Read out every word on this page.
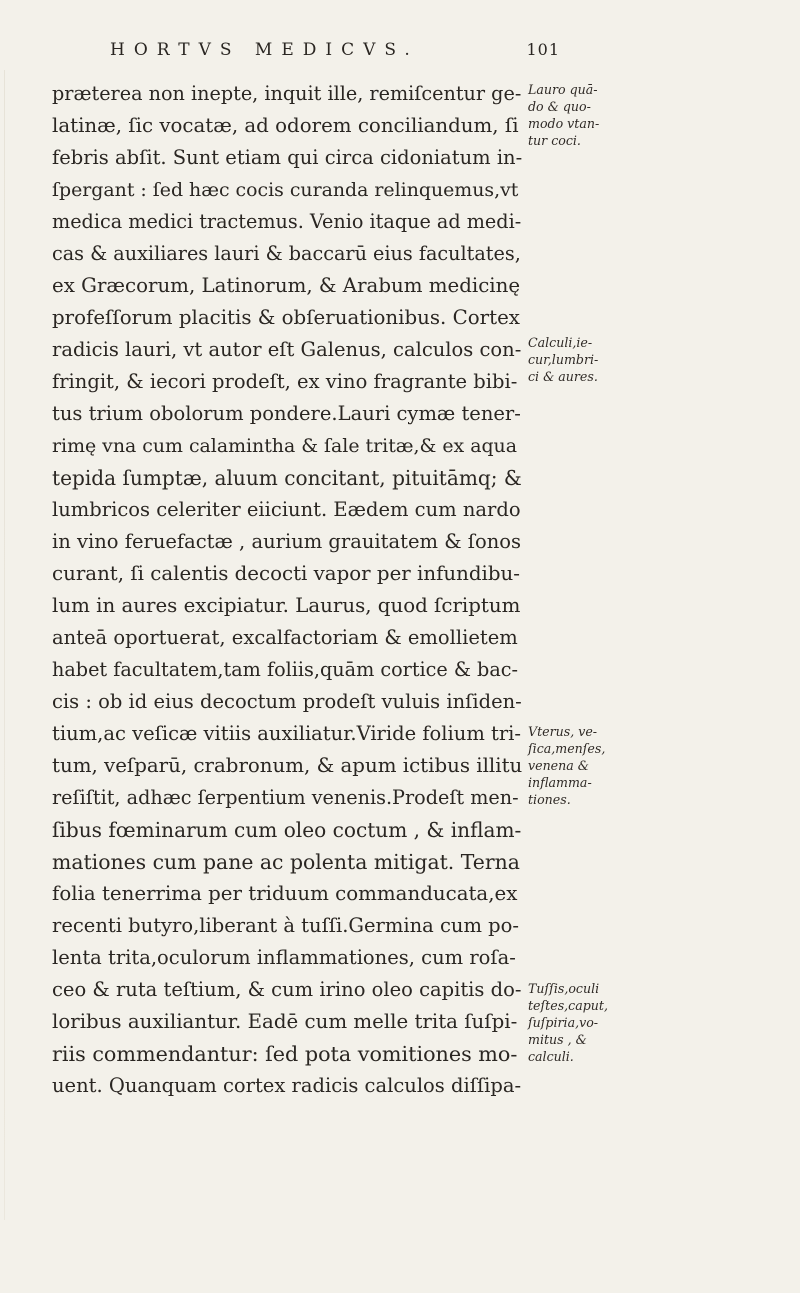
HORTVS MEDICVS.	101
prӕterea non inepte, inquit ille, remiſcentur ge-
latinӕ, ſic vocatӕ, ad odorem conciliandum, ſi
febris abſit. Sunt etiam qui circa cidoniatum in-
ſpergant : ſed hӕc cocis curanda relinquemus,vt
medica medici tractemus. Venio itaque ad medi-
cas & auxiliares lauri & baccarū eius facultates,
ex Grӕcorum, Latinorum, & Arabum medicinę
profeſſorum placitis & obſeruationibus. Cortex
radicis lauri, vt autor eſt Galenus, calculos con-
fringit, & iecori prodeſt, ex vino fragrante bibi-
tus trium obolorum pondere.Lauri cymӕ tener-
rimę vna cum calamintha & ſale tritӕ,& ex aqua
tepida ſumptӕ, aluum concitant, pituitāmq; &
lumbricos celeriter eiiciunt. Eӕdem cum nardo
in vino feruefactӕ , aurium grauitatem & ſonos
curant, ſi calentis decocti vapor per infundibu-
lum in aures excipiatur. Laurus, quod ſcriptum
anteā oportuerat, excalfactoriam & emollietem
habet facultatem,tam foliis,quām cortice & bac-
cis : ob id eius decoctum prodeſt vuluis inſiden-
tium,ac veſicӕ vitiis auxiliatur.Viride folium tri-
tum, veſparū, crabronum, & apum ictibus illitu
reſiſtit, adhӕc ſerpentium venenis.Prodeſt men-
ſibus fœminarum cum oleo coctum , & inflam-
mationes cum pane ac polenta mitigat. Terna
folia tenerrima per triduum commanducata,ex
recenti butyro,liberant à tuſſi.Germina cum po-
lenta trita,oculorum inflammationes, cum roſa-
ceo & ruta teſtium, & cum irino oleo capitis do-
loribus auxiliantur. Eadē cum melle trita ſuſpi-
riis commendantur: ſed pota vomitiones mo-
uent. Quanquam cortex radicis calculos diſſipa-
Lauro quā-
do & quo-
modo vtan-
tur coci.
Calculi,ie-
cur,lumbri-
ci & aures.
Vterus, ve-
ſica,menſes,
venena &
inflamma-
tiones.
Tuſſis,oculi
teſtes,caput,
ſuſpiria,vo-
mitus , &
calculi.
